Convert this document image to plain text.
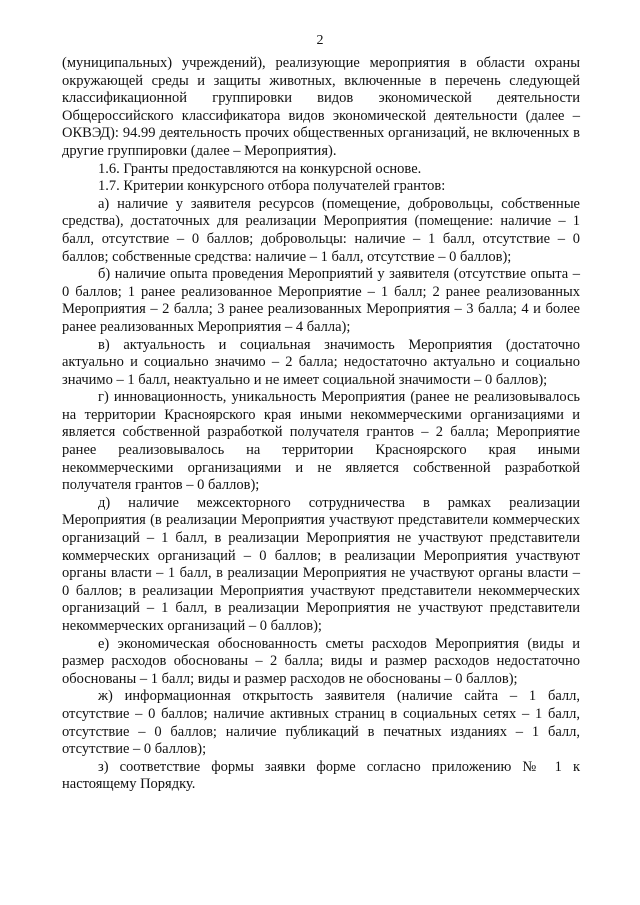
2

(муниципальных) учреждений), реализующие мероприятия в области охраны окружающей среды и защиты животных, включенные в перечень следующей классификационной группировки видов экономической деятельности Общероссийского классификатора видов экономической деятельности (далее – ОКВЭД): 94.99 деятельность прочих общественных организаций, не включенных в другие группировки (далее – Мероприятия).

1.6. Гранты предоставляются на конкурсной основе.

1.7. Критерии конкурсного отбора получателей грантов:

а) наличие у заявителя ресурсов (помещение, добровольцы, собственные средства), достаточных для реализации Мероприятия (помещение: наличие – 1 балл, отсутствие – 0 баллов; добровольцы: наличие – 1 балл, отсутствие – 0 баллов; собственные средства: наличие – 1 балл, отсутствие – 0 баллов);

б) наличие опыта проведения Мероприятий у заявителя (отсутствие опыта – 0 баллов; 1 ранее реализованное Мероприятие – 1 балл; 2 ранее реализованных Мероприятия – 2 балла; 3 ранее реализованных Мероприятия – 3 балла; 4 и более ранее реализованных Мероприятия – 4 балла);

в) актуальность и социальная значимость Мероприятия (достаточно актуально и социально значимо – 2 балла; недостаточно актуально и социально значимо – 1 балл, неактуально и не имеет социальной значимости – 0 баллов);

г) инновационность, уникальность Мероприятия (ранее не реализовывалось на территории Красноярского края иными некоммерческими организациями и является собственной разработкой получателя грантов – 2 балла; Мероприятие ранее реализовывалось на территории Красноярского края иными некоммерческими организациями и не является собственной разработкой получателя грантов – 0 баллов);

д) наличие межсекторного сотрудничества в рамках реализации Мероприятия (в реализации Мероприятия участвуют представители коммерческих организаций – 1 балл, в реализации Мероприятия не участвуют представители коммерческих организаций – 0 баллов; в реализации Мероприятия участвуют органы власти – 1 балл, в реализации Мероприятия не участвуют органы власти – 0 баллов; в реализации Мероприятия участвуют представители некоммерческих организаций – 1 балл, в реализации Мероприятия не участвуют представители некоммерческих организаций – 0 баллов);

е) экономическая обоснованность сметы расходов Мероприятия (виды и размер расходов обоснованы – 2 балла; виды и размер расходов недостаточно обоснованы – 1 балл; виды и размер расходов не обоснованы – 0 баллов);

ж) информационная открытость заявителя (наличие сайта – 1 балл, отсутствие – 0 баллов; наличие активных страниц в социальных сетях – 1 балл, отсутствие – 0 баллов; наличие публикаций в печатных изданиях – 1 балл, отсутствие – 0 баллов);

з) соответствие формы заявки форме согласно приложению № 1 к настоящему Порядку.
